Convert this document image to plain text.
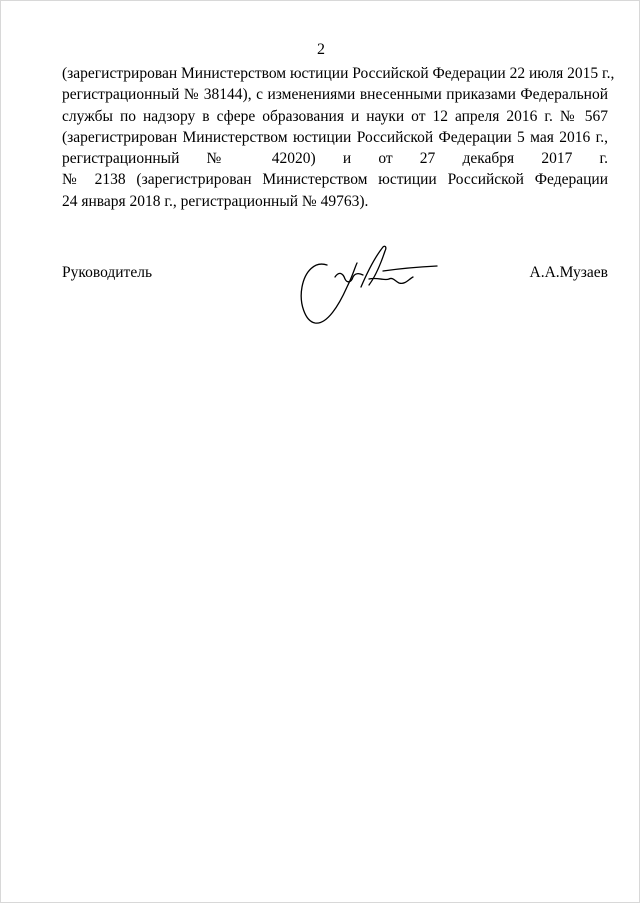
2
(зарегистрирован Министерством юстиции Российской Федерации 22 июля 2015 г.,
регистрационный № 38144), с изменениями внесенными приказами Федеральной
службы по надзору в сфере образования и науки от 12 апреля 2016 г. № 567
(зарегистрирован Министерством юстиции Российской Федерации 5 мая 2016 г.,
регистрационный № 42020) и от 27 декабря 2017 г.
№ 2138 (зарегистрирован Министерством юстиции Российской Федерации
24 января 2018 г., регистрационный № 49763).
Руководитель	А.А.Музаев
